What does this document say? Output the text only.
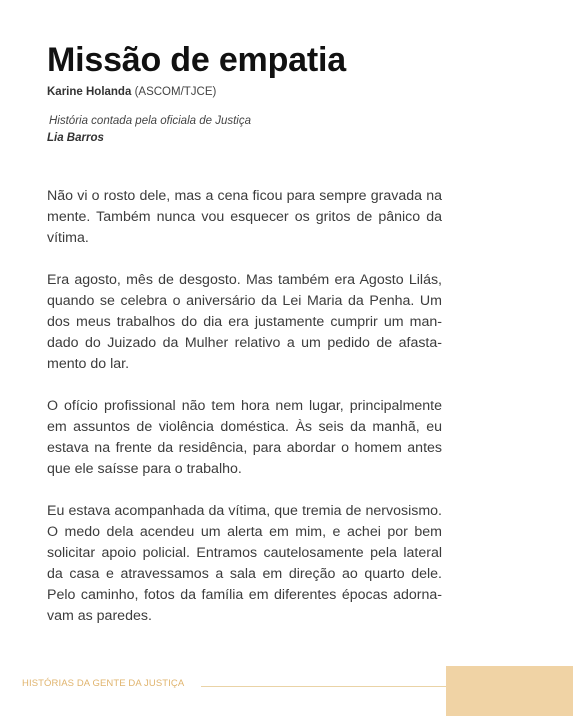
Missão de empatia
Karine Holanda (ASCOM/TJCE)
História contada pela oficiala de Justiça
Lia Barros

Não vi o rosto dele, mas a cena ficou para sempre gravada na mente. Também nunca vou esquecer os gritos de pânico da vítima.

Era agosto, mês de desgosto. Mas também era Agosto Lilás, quando se celebra o aniversário da Lei Maria da Penha. Um dos meus trabalhos do dia era justamente cumprir um mandado do Juizado da Mulher relativo a um pedido de afastamento do lar.

O ofício profissional não tem hora nem lugar, principalmente em assuntos de violência doméstica. Às seis da manhã, eu estava na frente da residência, para abordar o homem antes que ele saísse para o trabalho.

Eu estava acompanhada da vítima, que tremia de nervosismo. O medo dela acendeu um alerta em mim, e achei por bem solicitar apoio policial. Entramos cautelosamente pela lateral da casa e atravessamos a sala em direção ao quarto dele. Pelo caminho, fotos da família em diferentes épocas adornavam as paredes.

HISTÓRIAS DA GENTE DA JUSTIÇA
